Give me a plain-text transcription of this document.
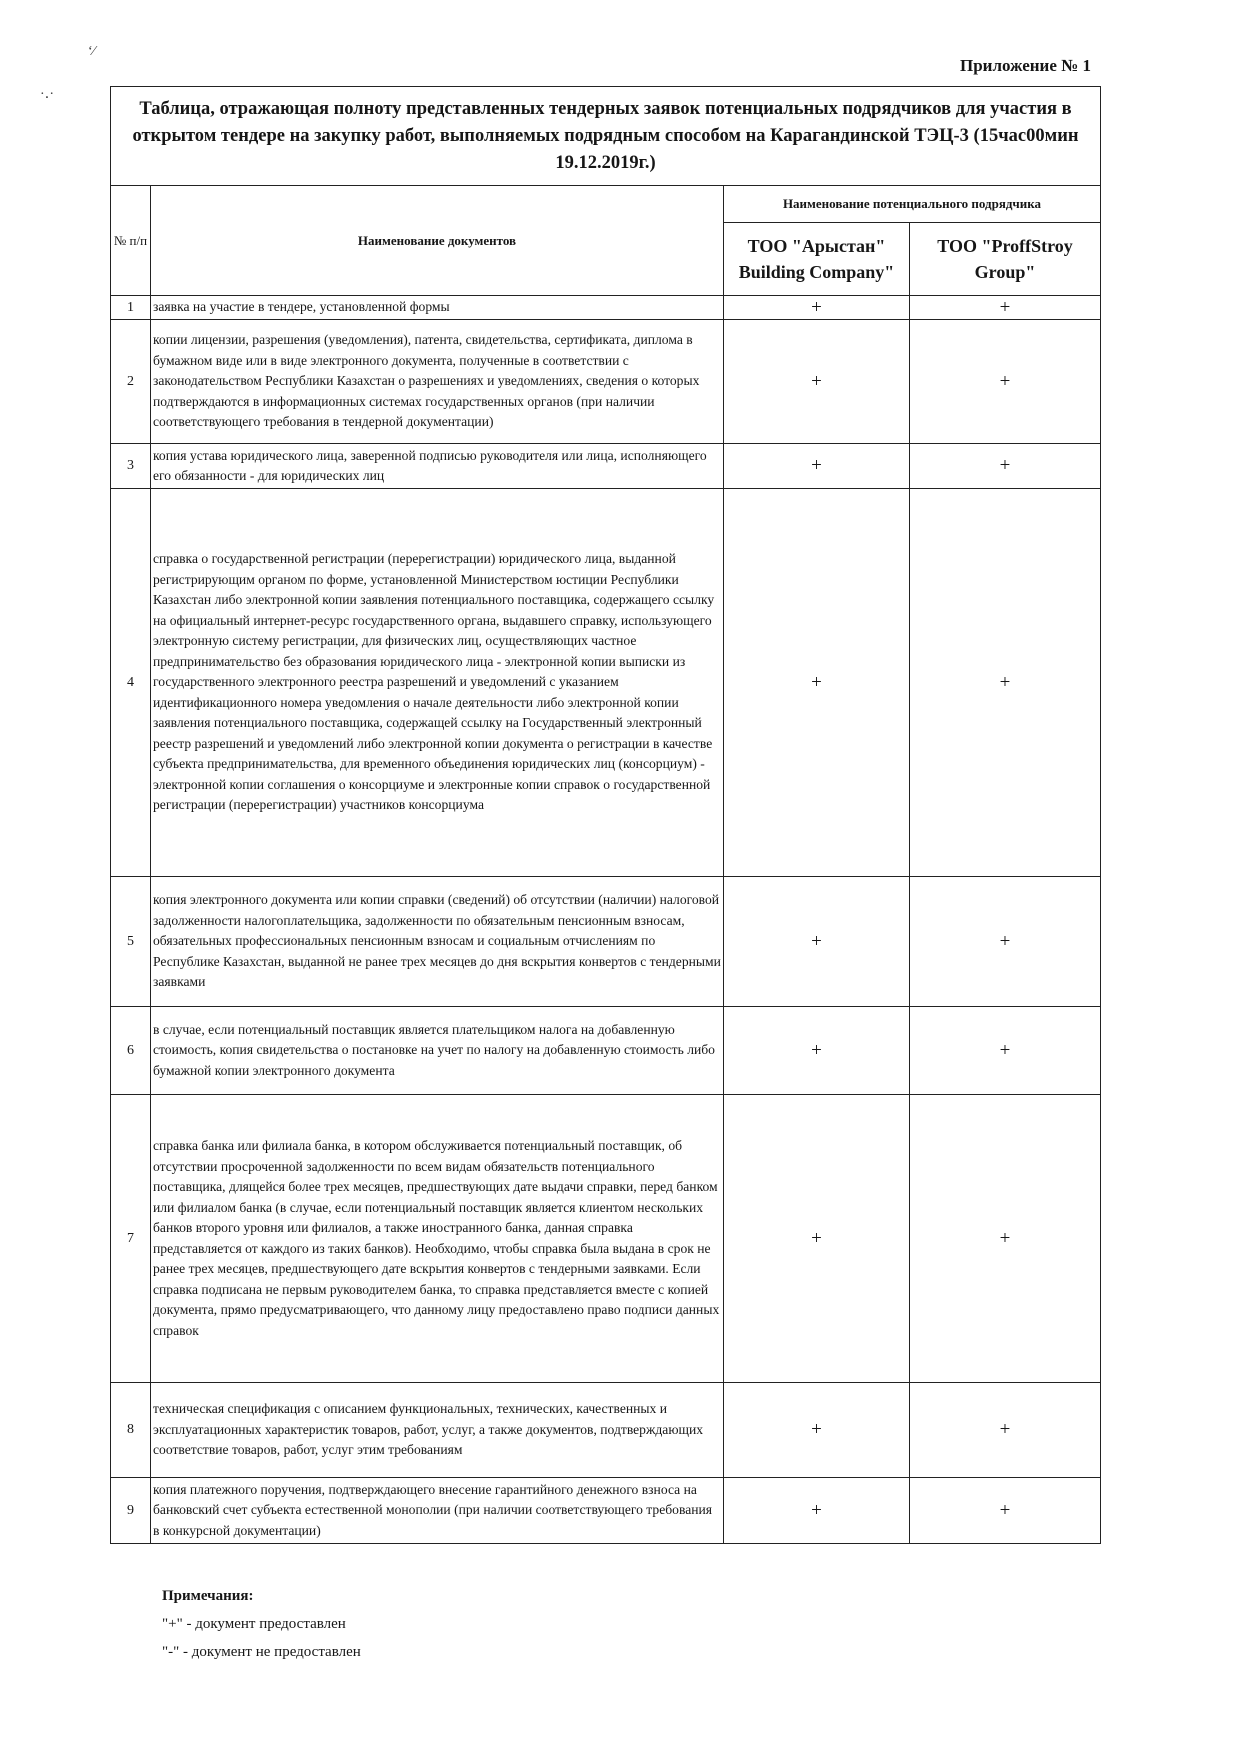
‘⁄
·․·
Приложение № 1
Таблица, отражающая полноту представленных тендерных заявок потенциальных подрядчиков для участия в открытом тендере на закупку работ, выполняемых подрядным способом на Карагандинской ТЭЦ-3 (15час00мин 19.12.2019г.)			
№ п/п	Наименование документов	Наименование потенциального подрядчика	
		ТОО "Арыстан" Building Company"	ТОО "ProffStroy Group"
1	заявка на участие в тендере, установленной формы	+	+
2	копии лицензии, разрешения (уведомления), патента, свидетельства, сертификата, диплома в бумажном виде или в виде электронного документа, полученные в соответствии с законодательством Республики Казахстан о разрешениях и уведомлениях, сведения о которых подтверждаются в информационных системах государственных органов (при наличии соответствующего требования в тендерной документации)	+	+
3	копия устава юридического лица, заверенной подписью руководителя или лица, исполняющего его обязанности - для юридических лиц	+	+
4	справка о государственной регистрации (перерегистрации) юридического лица, выданной регистрирующим органом по форме, установленной Министерством юстиции Республики Казахстан либо электронной копии заявления потенциального поставщика, содержащего ссылку на официальный интернет-ресурс государственного органа, выдавшего справку, использующего электронную систему регистрации, для физических лиц, осуществляющих частное предпринимательство без образования юридического лица - электронной копии выписки из государственного электронного реестра разрешений и уведомлений с указанием идентификационного номера уведомления о начале деятельности либо электронной копии заявления потенциального поставщика, содержащей ссылку на Государственный электронный реестр разрешений и уведомлений либо электронной копии документа о регистрации в качестве субъекта предпринимательства, для временного объединения юридических лиц (консорциум) - электронной копии соглашения о консорциуме и электронные копии справок о государственной регистрации (перерегистрации) участников консорциума	+	+
5	копия электронного документа или копии справки (сведений) об отсутствии (наличии) налоговой задолженности налогоплательщика, задолженности по обязательным пенсионным взносам, обязательных профессиональных пенсионным взносам и социальным отчислениям по Республике Казахстан, выданной не ранее трех месяцев до дня вскрытия конвертов с тендерными заявками	+	+
6	в случае, если потенциальный поставщик является плательщиком налога на добавленную стоимость, копия свидетельства о постановке на учет по налогу на добавленную стоимость либо бумажной копии электронного документа	+	+
7	справка банка или филиала банка, в котором обслуживается потенциальный поставщик, об отсутствии просроченной задолженности по всем видам обязательств потенциального поставщика, длящейся более трех месяцев, предшествующих дате выдачи справки, перед банком или филиалом банка (в случае, если потенциальный поставщик является клиентом нескольких банков второго уровня или филиалов, а также иностранного банка, данная справка представляется от каждого из таких банков). Необходимо, чтобы справка была выдана в срок не ранее трех месяцев, предшествующего дате вскрытия конвертов с тендерными заявками. Если справка подписана не первым руководителем банка, то справка представляется вместе с копией документа, прямо предусматривающего, что данному лицу предоставлено право подписи данных справок	+	+
8	техническая спецификация с описанием функциональных, технических, качественных и эксплуатационных характеристик товаров, работ, услуг, а также документов, подтверждающих соответствие товаров, работ, услуг этим требованиям	+	+
9	копия платежного поручения, подтверждающего внесение гарантийного денежного взноса на банковский счет субъекта естественной монополии (при наличии соответствующего требования в конкурсной документации)	+	+
Примечания:
"+" - документ предоставлен
"-" - документ не предоставлен
